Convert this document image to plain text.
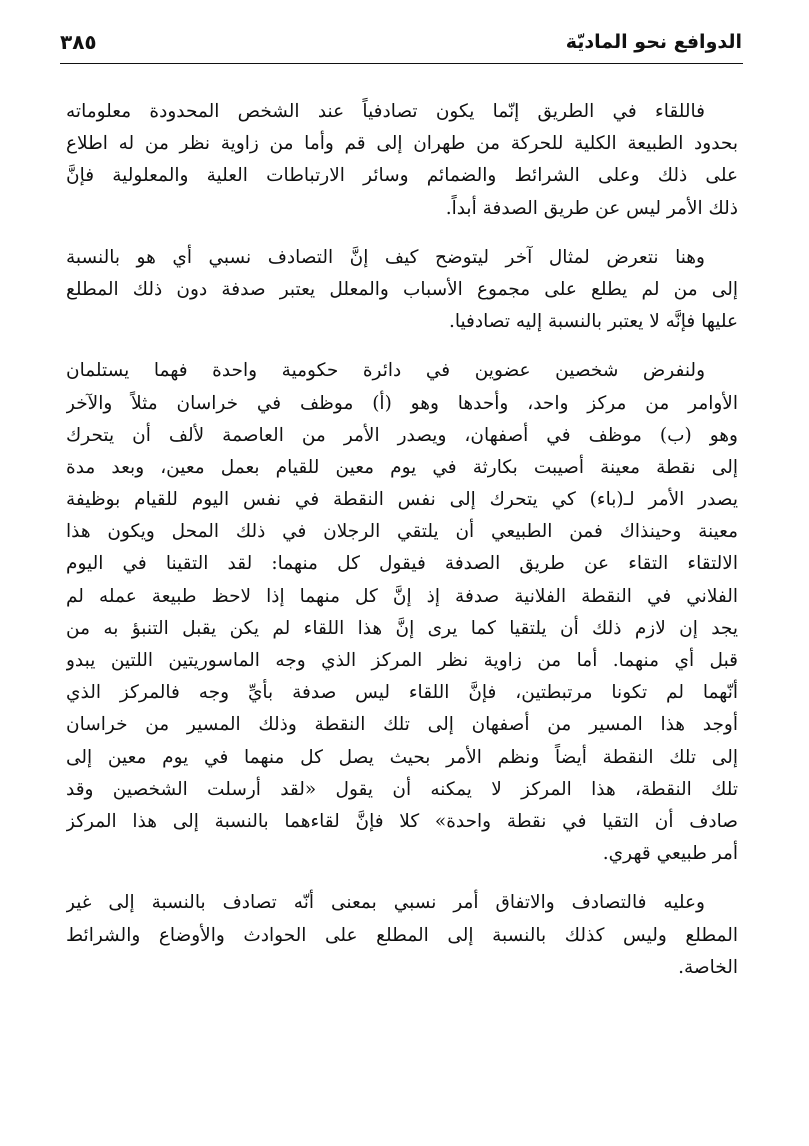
الدوافع نحو الماديّة
٣٨٥
فاللقاء في الطريق إنّما يكون تصادفياً عند الشخص المحدودة معلوماته
بحدود الطبيعة الكلية للحركة من طهران إلى قم وأما من زاوية نظر من له اطلاع
على ذلك وعلى الشرائط والضمائم وسائر الارتباطات العلية والمعلولية فإنَّ
ذلك الأمر ليس عن طريق الصدفة أبداً.
وهنا نتعرض لمثال آخر ليتوضح كيف إنَّ التصادف نسبي أي هو بالنسبة
إلى من لم يطلع على مجموع الأسباب والمعلل يعتبر صدفة دون ذلك المطلع
عليها فإنَّه لا يعتبر بالنسبة إليه تصادفيا.
ولنفرض شخصين عضوين في دائرة حكومية واحدة فهما يستلمان
الأوامر من مركز واحد، وأحدها وهو (أ) موظف في خراسان مثلاً والآخر
وهو (ب) موظف في أصفهان، ويصدر الأمر من العاصمة لألف أن يتحرك
إلى نقطة معينة أصيبت بكارثة في يوم معين للقيام بعمل معين، وبعد مدة
يصدر الأمر لـ(باء) كي يتحرك إلى نفس النقطة في نفس اليوم للقيام بوظيفة
معينة وحينذاك فمن الطبيعي أن يلتقي الرجلان في ذلك المحل ويكون هذا
الالتقاء التقاء عن طريق الصدفة فيقول كل منهما: لقد التقينا في اليوم
الفلاني في النقطة الفلانية صدفة إذ إنَّ كل منهما إذا لاحظ طبيعة عمله لم
يجد إن لازم ذلك أن يلتقيا كما يرى إنَّ هذا اللقاء لم يكن يقبل التنبؤ به من
قبل أي منهما. أما من زاوية نظر المركز الذي وجه الماسوريتين اللتين يبدو
أنّهما لم تكونا مرتبطتين، فإنَّ اللقاء ليس صدفة بأيِّ وجه فالمركز الذي
أوجد هذا المسير من أصفهان إلى تلك النقطة وذلك المسير من خراسان
إلى تلك النقطة أيضاً ونظم الأمر بحيث يصل كل منهما في يوم معين إلى
تلك النقطة، هذا المركز لا يمكنه أن يقول «لقد أرسلت الشخصين وقد
صادف أن التقيا في نقطة واحدة» كلا فإنَّ لقاءهما بالنسبة إلى هذا المركز
أمر طبيعي قهري.
وعليه فالتصادف والاتفاق أمر نسبي بمعنى أنّه تصادف بالنسبة إلى غير
المطلع وليس كذلك بالنسبة إلى المطلع على الحوادث والأوضاع والشرائط
الخاصة.
